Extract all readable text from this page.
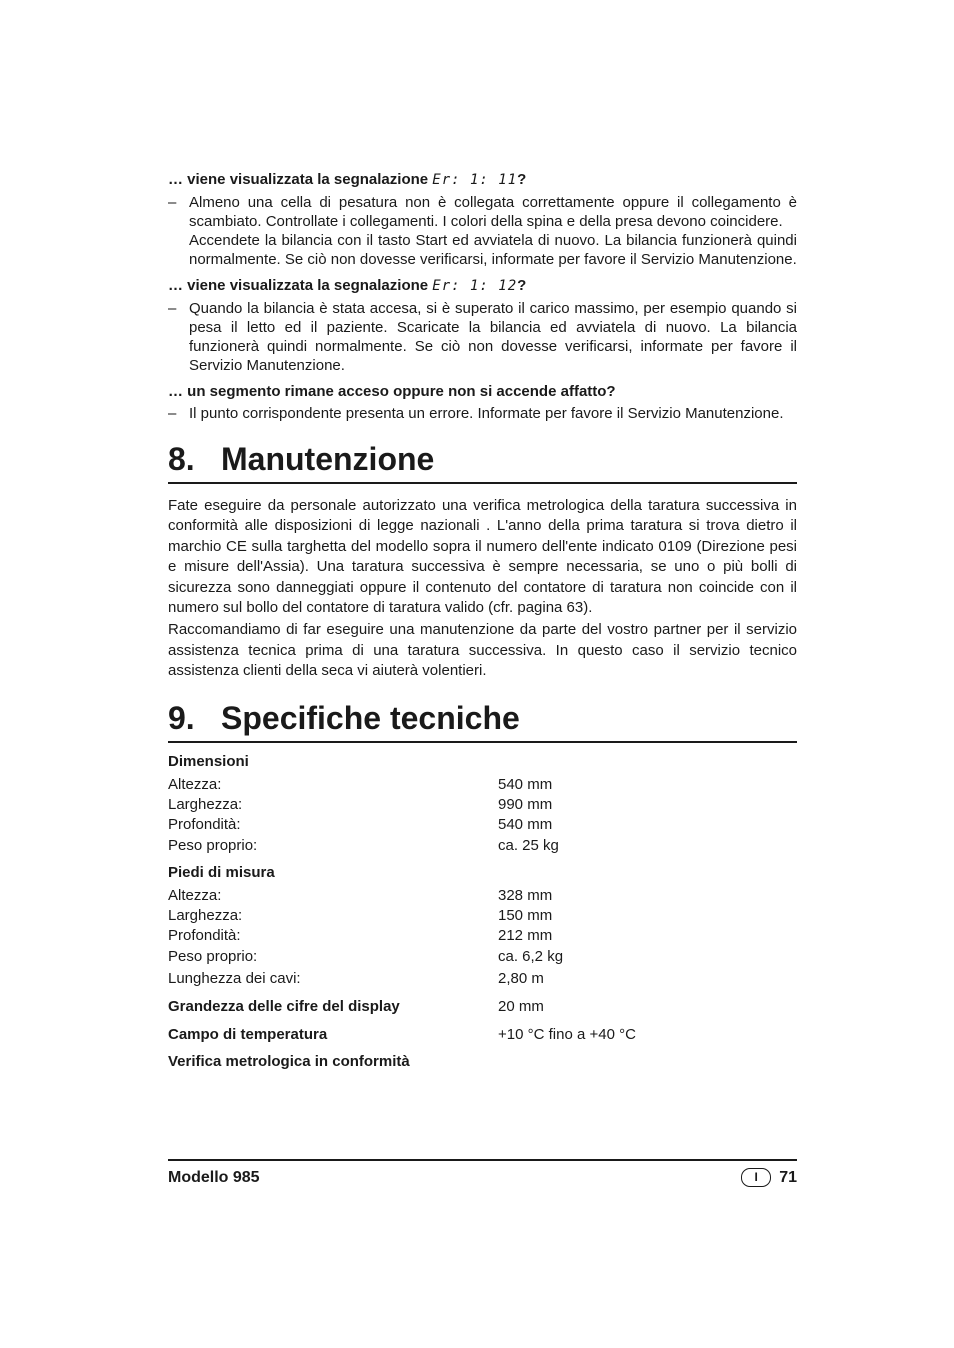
… viene visualizzata la segnalazione Er: 1: 11?
– Almeno una cella di pesatura non è collegata correttamente oppure il collegamento è scambiato. Controllate i collegamenti. I colori della spina e della presa devono coincidere.

Accendete la bilancia con il tasto Start ed avviatela di nuovo. La bilancia funzionerà quindi normalmente. Se ciò non dovesse verificarsi, informate per favore il Servizio Manutenzione.

… viene visualizzata la segnalazione Er: 1: 12?
– Quando la bilancia è stata accesa, si è superato il carico massimo, per esempio quando si pesa il letto ed il paziente. Scaricate la bilancia ed avviatela di nuovo. La bilancia funzionerà quindi normalmente. Se ciò non dovesse verificarsi, informate per favore il Servizio Manutenzione.

… un segmento rimane acceso oppure non si accende affatto?
– Il punto corrispondente presenta un errore. Informate per favore il Servizio Manutenzione.

8. Manutenzione

Fate eseguire da personale autorizzato una verifica metrologica della taratura successiva in conformità alle disposizioni di legge nazionali . L'anno della prima taratura si trova dietro il marchio CE sulla targhetta del modello sopra il numero dell'ente indicato 0109 (Direzione pesi e misure dell'Assia). Una taratura successiva è sempre necessaria, se uno o più bolli di sicurezza sono danneggiati oppure il contenuto del contatore di taratura non coincide con il numero sul bollo del contatore di taratura valido (cfr. pagina 63).

Raccomandiamo di far eseguire una manutenzione da parte del vostro partner per il servizio assistenza tecnica prima di una taratura successiva. In questo caso il servizio tecnico assistenza clienti della seca vi aiuterà volentieri.

9. Specifiche tecniche
Dimensioni
Altezza:	540 mm
Larghezza:	990 mm
Profondità:	540 mm
Peso proprio:	ca. 25 kg
Piedi di misura
Altezza:	328 mm
Larghezza:	150 mm
Profondità:	212 mm
Peso proprio:	ca. 6,2 kg
Lunghezza dei cavi:	2,80 m
Grandezza delle cifre del display	20 mm
Campo di temperatura	+10 °C fino a +40 °C
Verifica metrologica in conformità
Modello 985	I	71
